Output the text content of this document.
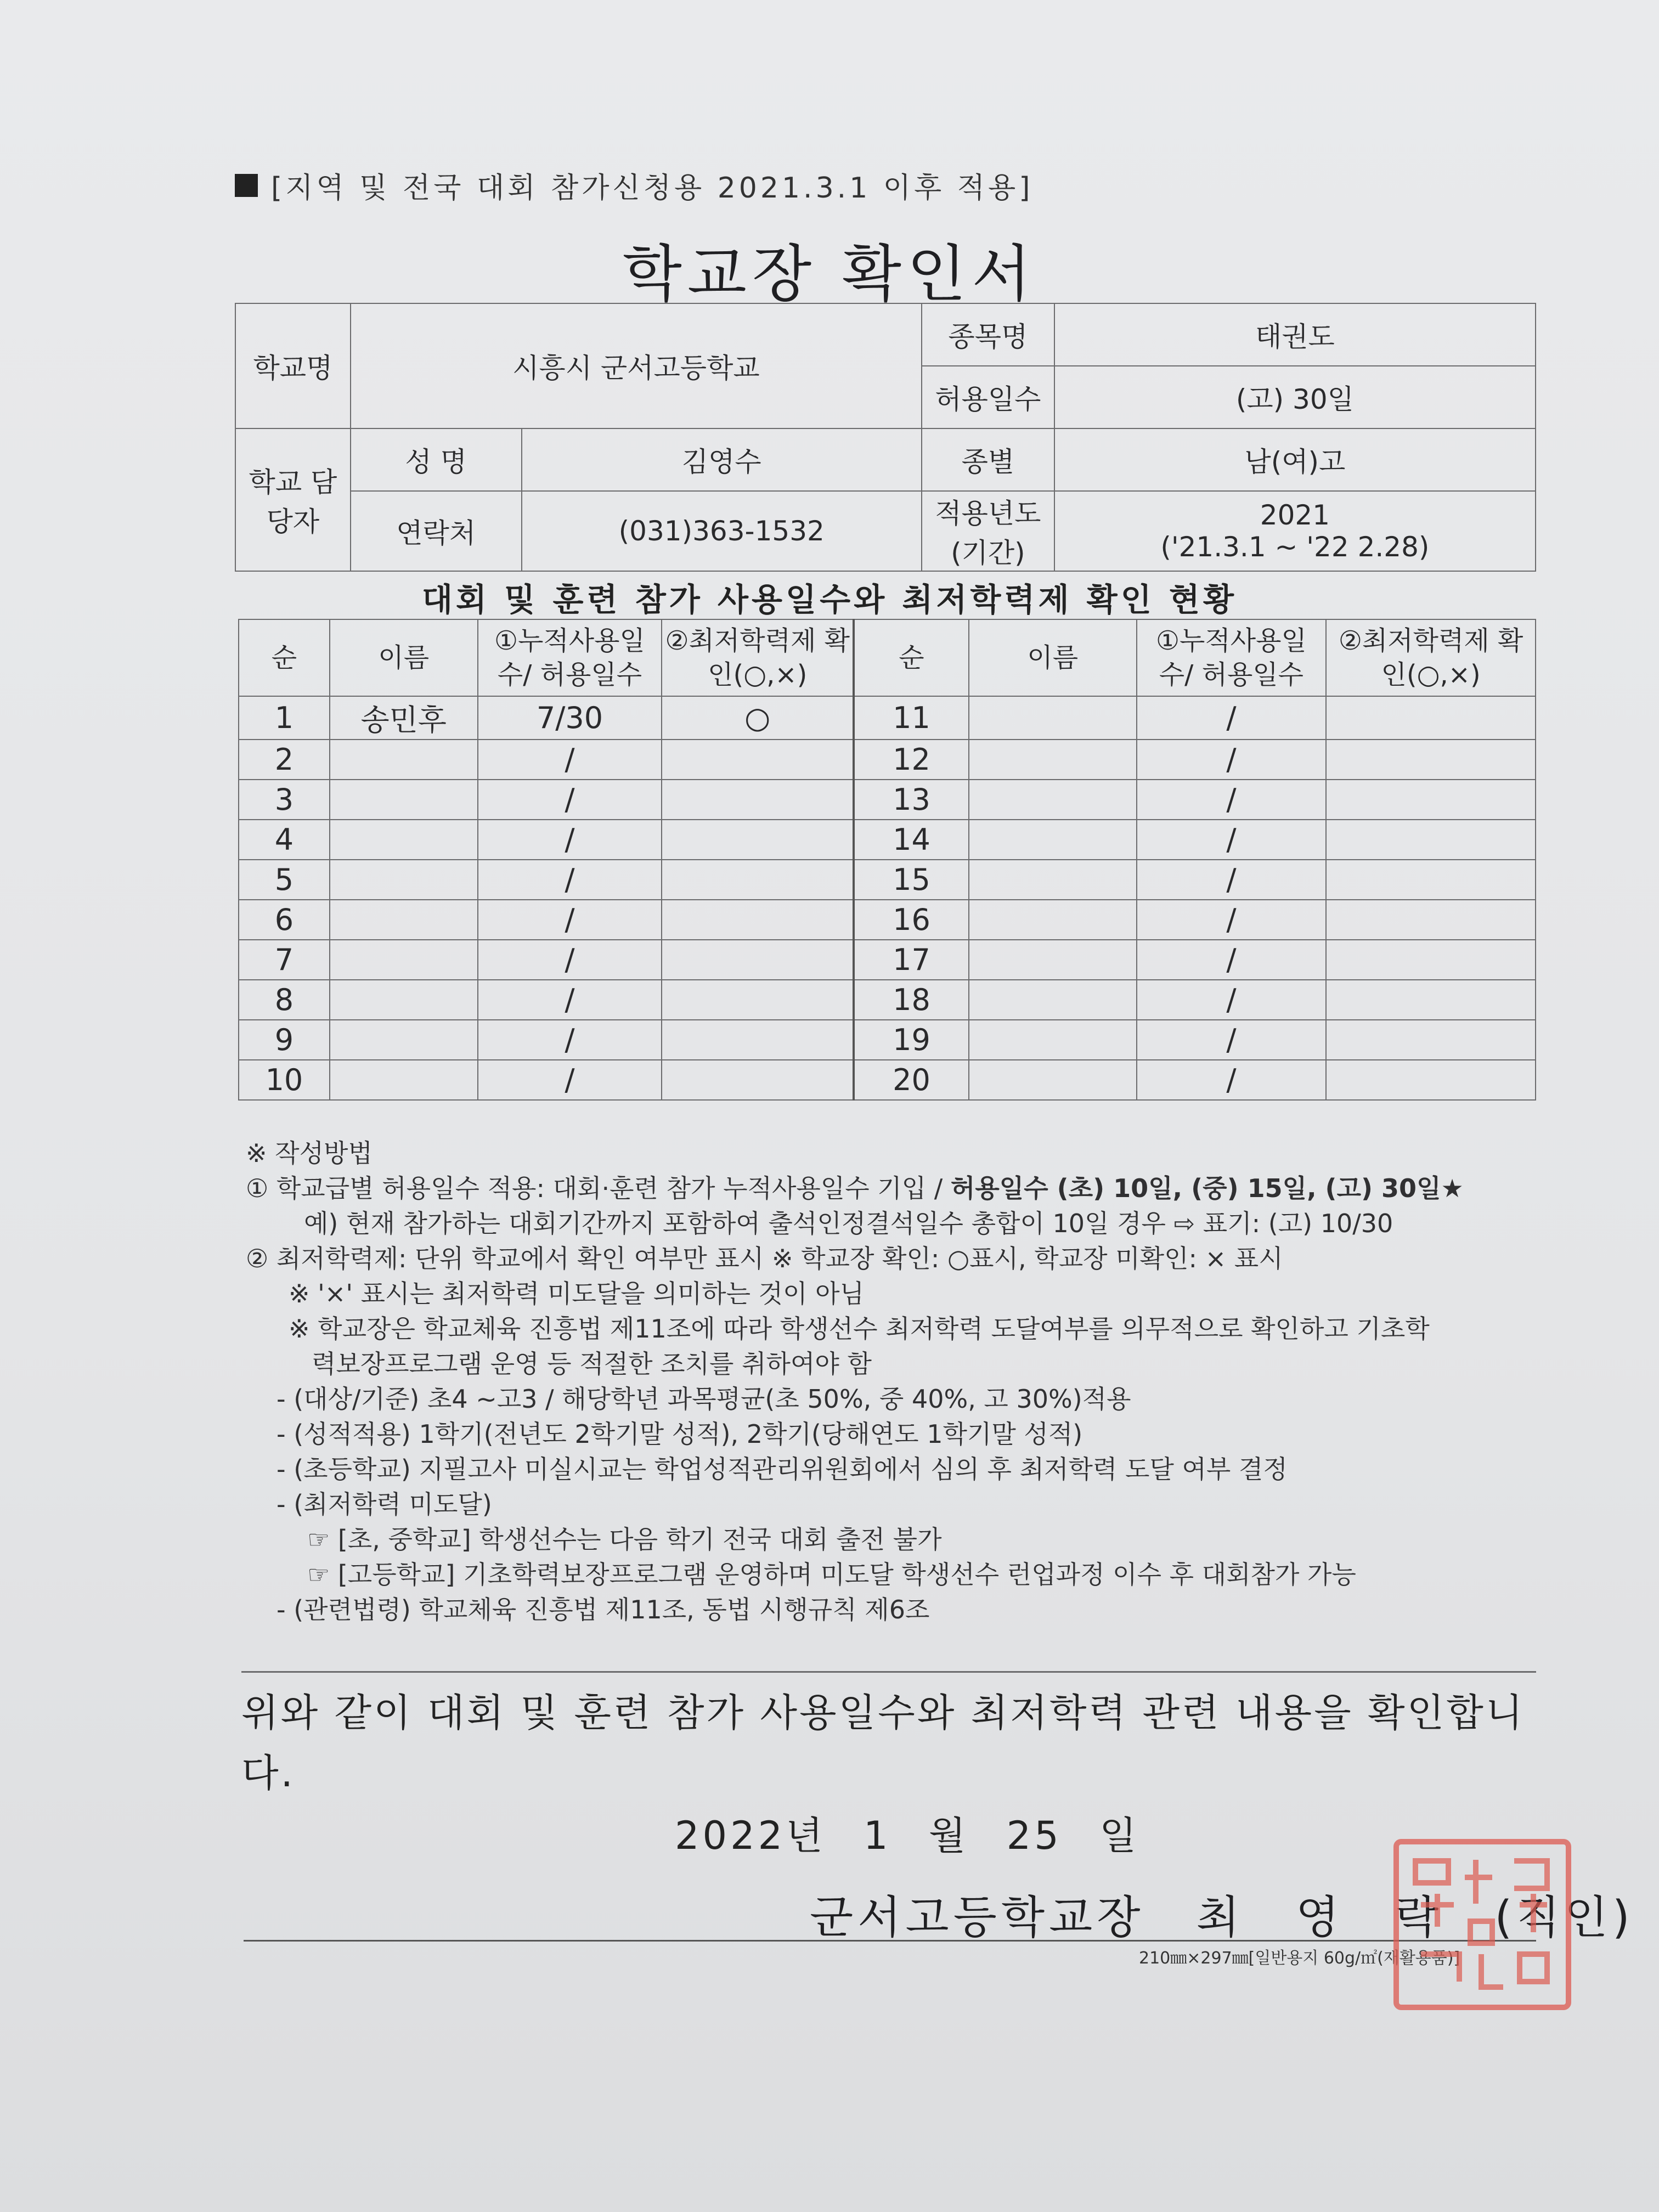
[지역 및 전국 대회 참가신청용 2021.3.1 이후 적용]
학교장 확인서
학교명	시흥시 군서고등학교		종목명	태권도
			허용일수	(고) 30일
학교 담당자	성 명	김영수	종별	남(여)고
	연락처	(031)363-1532	적용년도 (기간)	2021
('21.3.1 ~ '22 2.28)
대회 및 훈련 참가 사용일수와 최저학력제 확인 현황
순	이름	①누적사용일수/ 허용일수	②최저학력제 확인(○,×)	순	이름	①누적사용일수/ 허용일수	②최저학력제 확인(○,×)
1	송민후	7/30	○	11		/	
2		/		12		/	
3		/		13		/	
4		/		14		/	
5		/		15		/	
6		/		16		/	
7		/		17		/	
8		/		18		/	
9		/		19		/	
10		/		20		/	
※ 작성방법
① 학교급별 허용일수 적용: 대회·훈련 참가 누적사용일수 기입 / 허용일수 (초) 10일, (중) 15일, (고) 30일★
예) 현재 참가하는 대회기간까지 포함하여 출석인정결석일수 총합이 10일 경우 ⇨ 표기: (고) 10/30
② 최저학력제: 단위 학교에서 확인 여부만 표시 ※ 학교장 확인: ○표시, 학교장 미확인: × 표시
※ '×' 표시는 최저학력 미도달을 의미하는 것이 아님
※ 학교장은 학교체육 진흥법 제11조에 따라 학생선수 최저학력 도달여부를 의무적으로 확인하고 기초학
력보장프로그램 운영 등 적절한 조치를 취하여야 함
- (대상/기준) 초4 ~고3 / 해당학년 과목평균(초 50%, 중 40%, 고 30%)적용
- (성적적용) 1학기(전년도 2학기말 성적), 2학기(당해연도 1학기말 성적)
- (초등학교) 지필고사 미실시교는 학업성적관리위원회에서 심의 후 최저학력 도달 여부 결정
- (최저학력 미도달)
☞ [초, 중학교] 학생선수는 다음 학기 전국 대회 출전 불가
☞ [고등학교] 기초학력보장프로그램 운영하며 미도달 학생선수 런업과정 이수 후 대회참가 가능
- (관련법령) 학교체육 진흥법 제11조, 동법 시행규칙 제6조
위와 같이 대회 및 훈련 참가 사용일수와 최저학력 관련 내용을 확인합니다.
2022년 1 월 25 일
군서고등학교장 최 영 락 (직인)
210㎜×297㎜[일반용지 60g/㎡(재활용품)]
